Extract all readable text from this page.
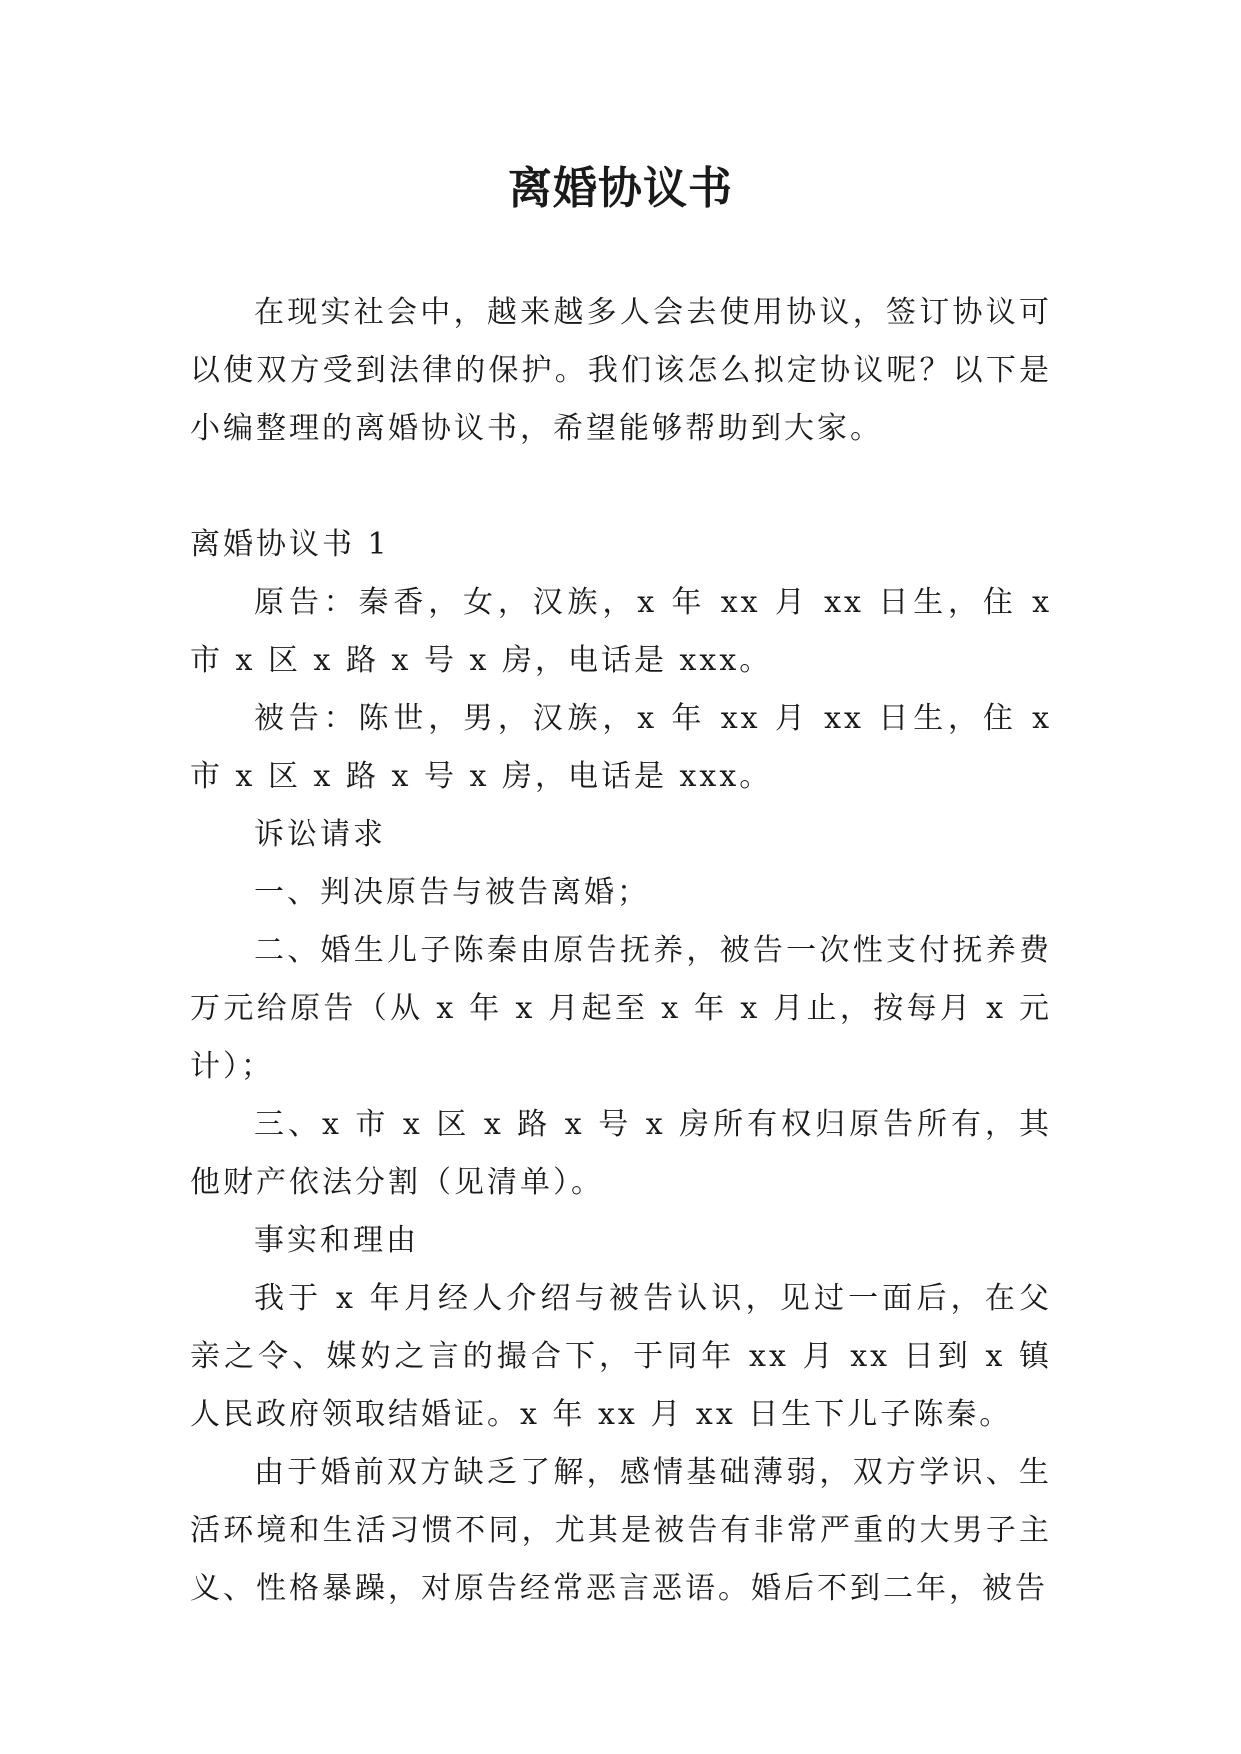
离婚协议书

在现实社会中，越来越多人会去使用协议，签订协议可以使双方受到法律的保护。我们该怎么拟定协议呢？以下是小编整理的离婚协议书，希望能够帮助到大家。

离婚协议书 1

原告：秦香，女，汉族，x 年 xx 月 xx 日生，住 x 市 x 区 x 路 x 号 x 房，电话是 xxx。

被告：陈世，男，汉族，x 年 xx 月 xx 日生，住 x 市 x 区 x 路 x 号 x 房，电话是 xxx。

诉讼请求

一、判决原告与被告离婚；

二、婚生儿子陈秦由原告抚养，被告一次性支付抚养费万元给原告（从 x 年 x 月起至 x 年 x 月止，按每月 x 元计）；

三、x 市 x 区 x 路 x 号 x 房所有权归原告所有，其他财产依法分割（见清单）。

事实和理由

我于 x 年月经人介绍与被告认识，见过一面后，在父亲之令、媒妁之言的撮合下，于同年 xx 月 xx 日到 x 镇人民政府领取结婚证。x 年 xx 月 xx 日生下儿子陈秦。

由于婚前双方缺乏了解，感情基础薄弱，双方学识、生活环境和生活习惯不同，尤其是被告有非常严重的大男子主义、性格暴躁，对原告经常恶言恶语。婚后不到二年，被告
